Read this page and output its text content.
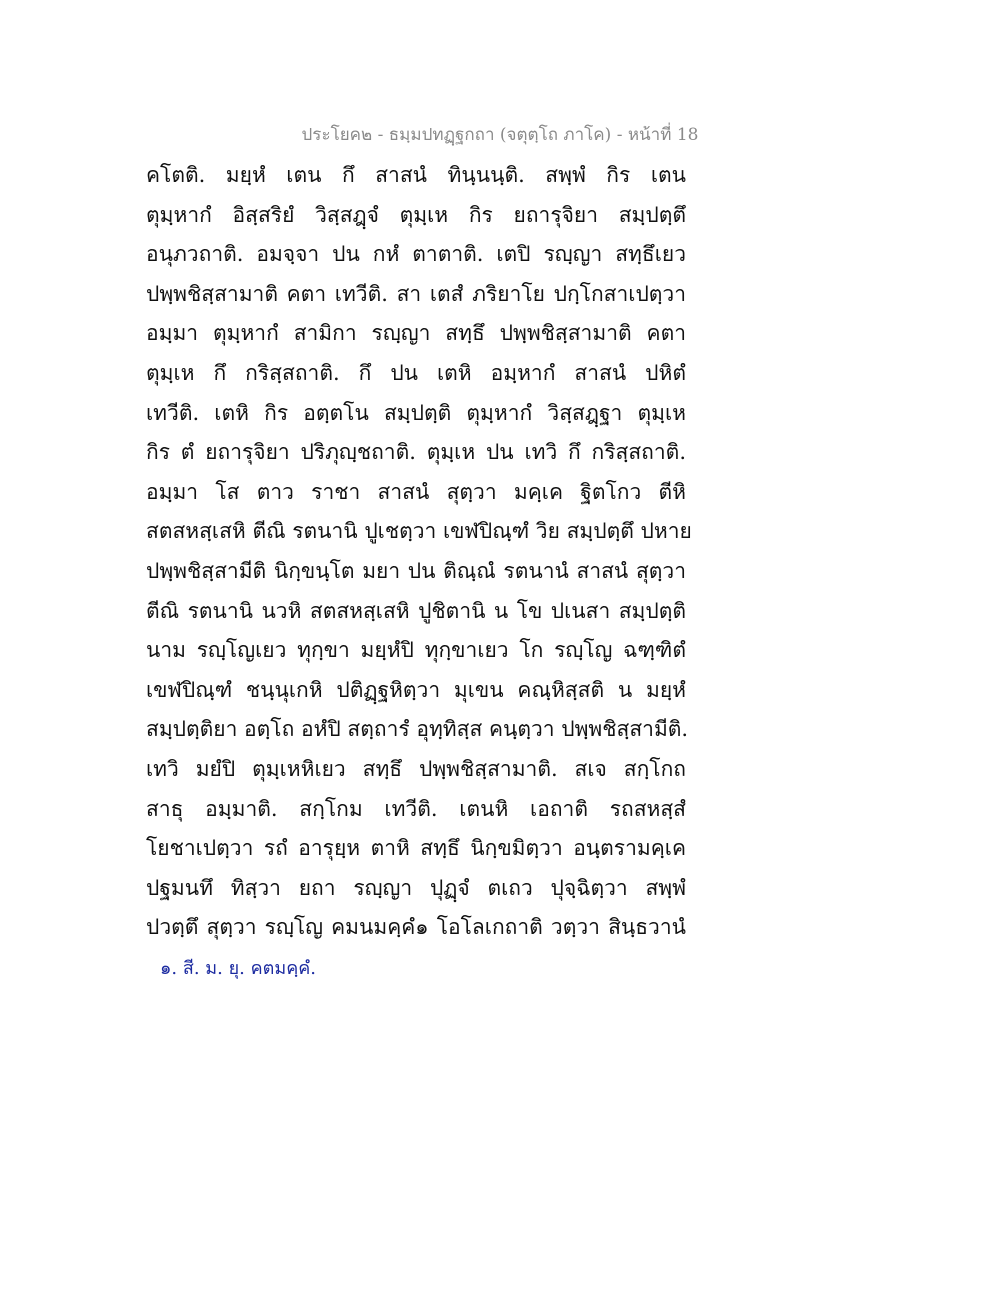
ประโยค๒ - ธมฺมปทฏฺฐกถา (จตุตฺโถ ภาโค) - หน้าที่ 18
คโตติ. มยฺหํ เตน กึ สาสนํ ทินฺนนฺติ. สพฺพํ กิร เตน
ตุมฺหากํ อิสฺสริยํ วิสฺสฎฺจํ ตุมฺเห กิร ยถารุจิยา สมฺปตฺตึ
อนุภวถาติ. อมจฺจา ปน กหํ ตาตาติ. เตปิ รญฺญา สทฺธึเยว
ปพฺพชิสฺสามาติ คตา เทวีติ. สา เตสํ ภริยาโย ปกฺโกสาเปตฺวา
อมฺมา ตุมฺหากํ สามิกา รญฺญา สทฺธึ ปพฺพชิสฺสามาติ คตา
ตุมฺเห กึ กริสฺสถาติ. กึ ปน เตหิ อมฺหากํ สาสนํ ปหิตํ
เทวีติ. เตหิ กิร อตฺตโน สมฺปตฺติ ตุมฺหากํ วิสฺสฎฺฐา ตุมฺเห
กิร ตํ ยถารุจิยา ปริภุญฺชถาติ. ตุมฺเห ปน เทวิ กึ กริสฺสถาติ.
อมฺมา โส ตาว ราชา สาสนํ สุตฺวา มคฺเค ฐิตโกว ตีหิ
สตสหสฺเสหิ ตีณิ รตนานิ ปูเชตฺวา เขฬปิณฺฑํ วิย สมฺปตฺตึ ปหาย
ปพฺพชิสฺสามีติ นิกฺขนฺโต มยา ปน ติณฺณํ รตนานํ สาสนํ สุตฺวา
ตีณิ รตนานิ นวหิ สตสหสฺเสหิ ปูชิตานิ น โข ปเนสา สมฺปตฺติ
นาม รญฺโญเยว ทุกฺขา มยฺหํปิ ทุกฺขาเยว โก รญฺโญ ฉฑฺฑิตํ
เขฬปิณฺฑํ ชนฺนุเกหิ ปติฏฺฐหิตฺวา มุเขน คณฺหิสฺสติ น มยฺหํ
สมฺปตฺติยา อตฺโถ อหํปิ สตฺถารํ อุทฺทิสฺส คนฺตฺวา ปพฺพชิสฺสามีติ.
เทวิ มยํปิ ตุมฺเหหิเยว สทฺธึ ปพฺพชิสฺสามาติ. สเจ สกฺโกถ
สาธุ อมฺมาติ. สกฺโกม เทวีติ. เตนหิ เอถาติ รถสหสฺสํ
โยชาเปตฺวา รถํ อารุยฺห ตาหิ สทฺธึ นิกฺขมิตฺวา อนฺตรามคฺเค
ปฐมนทึ ทิสฺวา ยถา รญฺญา ปุฏฺจํ ตเถว ปุจฺฉิตฺวา สพฺพํ
ปวตฺตึ สุตฺวา รญฺโญ คมนมคฺคํ๑ โอโลเกถาติ วตฺวา สินฺธวานํ
๑. สี. ม. ยุ. คตมคฺคํ.
